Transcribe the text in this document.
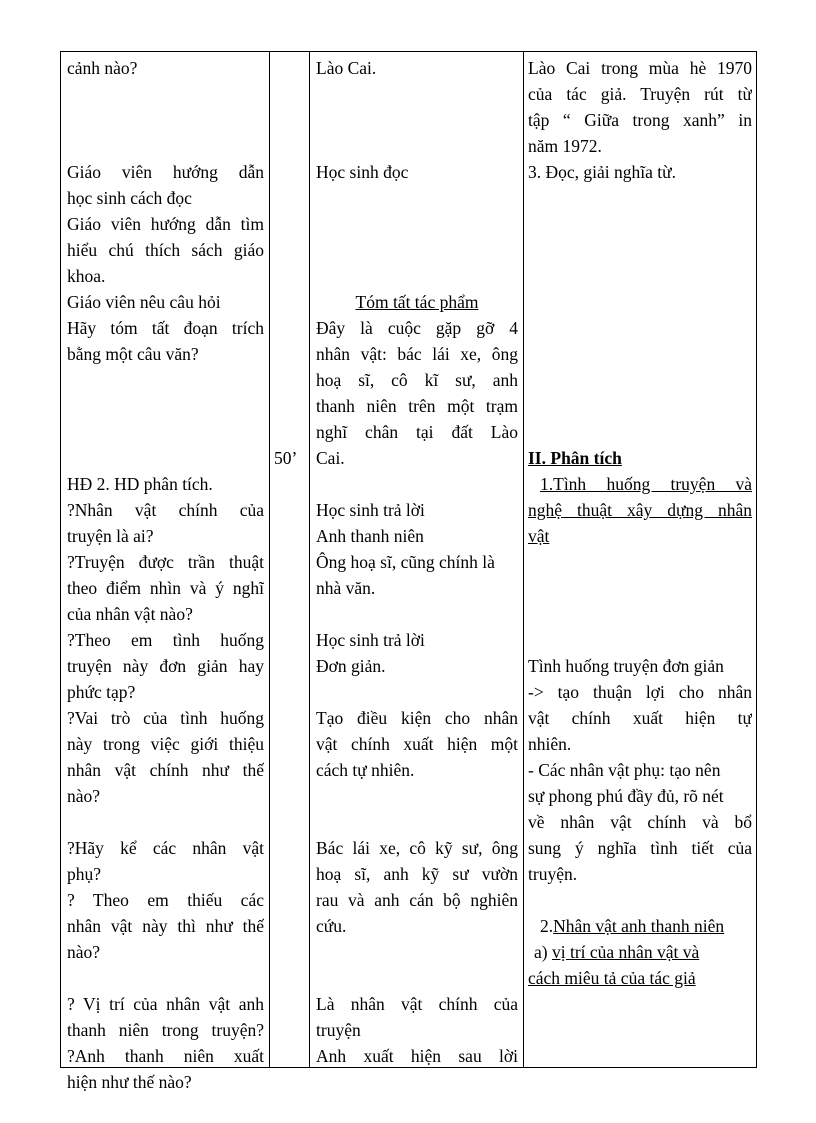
cảnh nào?
Giáo viên hướng dẫn
học sinh cách đọc
Giáo viên hướng dẫn tìm
hiểu chú thích sách giáo
khoa.
Giáo viên nêu câu hỏi
Hãy tóm tất đoạn trích
bằng một câu văn?
HĐ 2. HD phân tích.
?Nhân vật chính của
truyện là ai?
?Truyện được trần thuật
theo điểm nhìn và ý nghĩ
của nhân vật nào?
?Theo em tình huống
truyện này đơn giản hay
phức tạp?
?Vai trò của tình huống
này trong việc giới thiệu
nhân vật chính như thế
nào?
?Hãy kể các nhân vật
phụ?
? Theo em thiếu các
nhân vật này thì như thế
nào?
? Vị trí của nhân vật anh
thanh niên trong truyện?
?Anh thanh niên xuất
hiện như thế nào?
50’
Lào Cai.
Học sinh đọc
Tóm tất tác phẩm
Đây là cuộc gặp gỡ 4
nhân vật: bác lái xe, ông
hoạ sĩ, cô kĩ sư, anh
thanh niên trên một trạm
nghĩ chân tại đất Lào
Cai.
Học sinh trả lời
Anh thanh niên
Ông hoạ sĩ, cũng chính là
nhà văn.
Học sinh trả lời
Đơn giản.
Tạo điều kiện cho nhân
vật chính xuất hiện một
cách tự nhiên.
Bác lái xe, cô kỹ sư, ông
hoạ sĩ, anh kỹ sư vườn
rau và anh cán bộ nghiên
cứu.
Là nhân vật chính của
truyện
Anh xuất hiện sau lời
Lào Cai trong mùa hè 1970
của tác giả. Truyện rút từ
tập “ Giữa trong xanh” in
năm 1972.
3. Đọc, giải nghĩa từ.
II. Phân tích
1.Tình huống truyện và
nghệ thuật xây dựng nhân
vật
Tình huống truyện đơn giản
-> tạo thuận lợi cho nhân
vật chính xuất hiện tự
nhiên.
- Các nhân vật phụ: tạo nên
sự phong phú đầy đủ, rõ nét
về nhân vật chính và bổ
sung ý nghĩa tình tiết của
truyện.
2.Nhân vật anh thanh niên
a) vị trí của nhân vật và
cách miêu tả của tác giả
